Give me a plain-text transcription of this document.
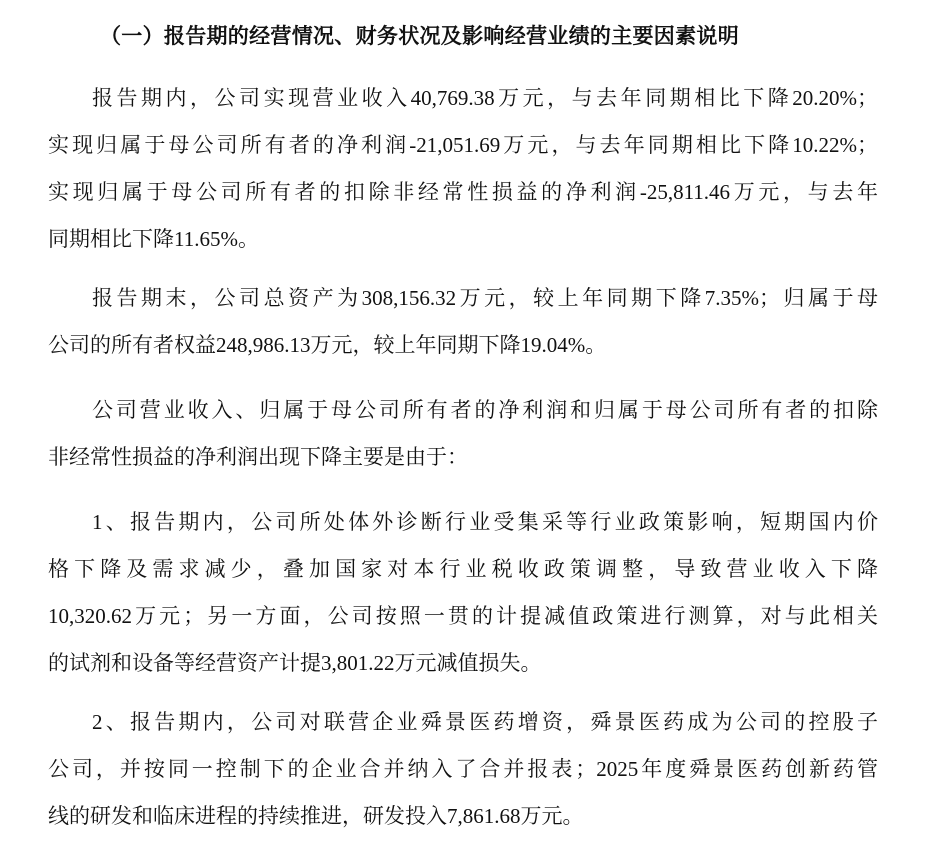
（一）报告期的经营情况、财务状况及影响经营业绩的主要因素说明
报告期内，公司实现营业收入40,769.38万元，与去年同期相比下降20.20%；
实现归属于母公司所有者的净利润-21,051.69万元，与去年同期相比下降10.22%；
实现归属于母公司所有者的扣除非经常性损益的净利润-25,811.46万元，与去年
同期相比下降11.65%。
报告期末，公司总资产为308,156.32万元，较上年同期下降7.35%；归属于母
公司的所有者权益248,986.13万元，较上年同期下降19.04%。
公司营业收入、归属于母公司所有者的净利润和归属于母公司所有者的扣除
非经常性损益的净利润出现下降主要是由于：
1、报告期内，公司所处体外诊断行业受集采等行业政策影响，短期国内价
格下降及需求减少，叠加国家对本行业税收政策调整，导致营业收入下降
10,320.62万元；另一方面，公司按照一贯的计提减值政策进行测算，对与此相关
的试剂和设备等经营资产计提3,801.22万元减值损失。
2、报告期内，公司对联营企业舜景医药增资，舜景医药成为公司的控股子
公司，并按同一控制下的企业合并纳入了合并报表；2025年度舜景医药创新药管
线的研发和临床进程的持续推进，研发投入7,861.68万元。
